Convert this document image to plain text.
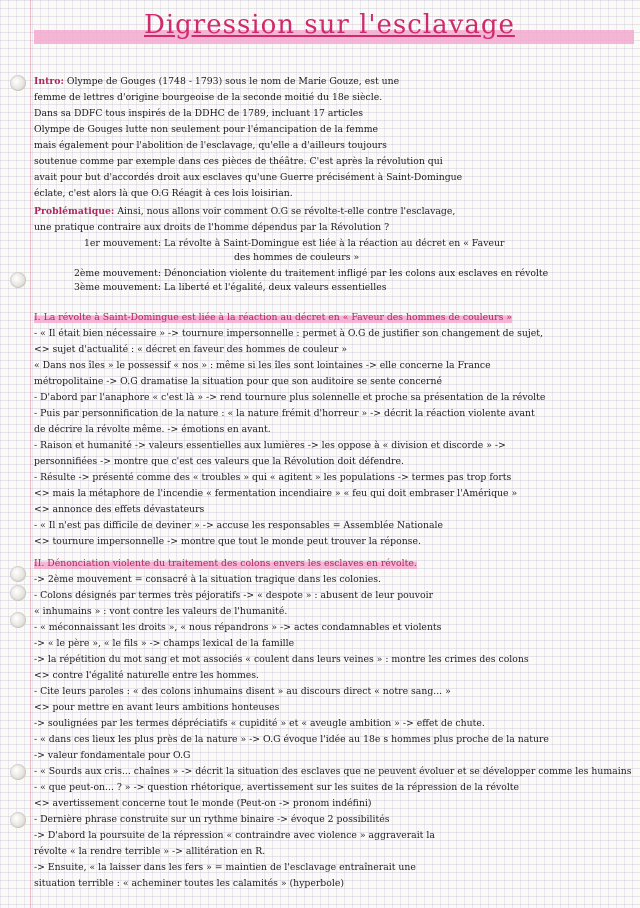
Digression sur l'esclavage
Intro: Olympe de Gouges (1748 - 1793) sous le nom de Marie Gouze, est une
femme de lettres d'origine bourgeoise de la seconde moitié du 18e siècle.
Dans sa DDFC tous inspirés de la DDHC de 1789, incluant 17 articles
Olympe de Gouges lutte non seulement pour l'émancipation de la femme
mais également pour l'abolition de l'esclavage, qu'elle a d'ailleurs toujours
soutenue comme par exemple dans ces pièces de théâtre. C'est après la révolution qui
avait pour but d'accordés droit aux esclaves qu'une Guerre précisément à Saint-Domingue
éclate, c'est alors là que O.G Réagit à ces lois loisirian.
Problématique: Ainsi, nous allons voir comment O.G se révolte-t-elle contre l'esclavage,
une pratique contraire aux droits de l'homme dépendus par la Révolution ?
1er mouvement: La révolte à Saint-Domingue est liée à la réaction au décret en « Faveur
des hommes de couleurs »
2ème mouvement: Dénonciation violente du traitement infligé par les colons aux esclaves en révolte
3ème mouvement: La liberté et l'égalité, deux valeurs essentielles
I. La révolte à Saint-Domingue est liée à la réaction au décret en « Faveur des hommes de couleurs »
- « Il était bien nécessaire » -> tournure impersonnelle : permet à O.G de justifier son changement de sujet,
<> sujet d'actualité : « décret en faveur des hommes de couleur »
« Dans nos îles » le possessif « nos » : même si les îles sont lointaines -> elle concerne la France
métropolitaine -> O.G dramatise la situation pour que son auditoire se sente concerné
- D'abord par l'anaphore « c'est là » -> rend tournure plus solennelle et proche sa présentation de la révolte
- Puis par personnification de la nature : « la nature frémit d'horreur » -> décrit la réaction violente avant
de décrire la révolte même. -> émotions en avant.
- Raison et humanité -> valeurs essentielles aux lumières -> les oppose à « division et discorde » ->
personnifiées -> montre que c'est ces valeurs que la Révolution doit défendre.
- Résulte -> présenté comme des « troubles » qui « agitent » les populations -> termes pas trop forts
<> mais la métaphore de l'incendie « fermentation incendiaire » « feu qui doit embraser l'Amérique »
<> annonce des effets dévastateurs
- « Il n'est pas difficile de deviner » -> accuse les responsables = Assemblée Nationale
<> tournure impersonnelle -> montre que tout le monde peut trouver la réponse.
II. Dénonciation violente du traitement des colons envers les esclaves en révolte.
-> 2ème mouvement = consacré à la situation tragique dans les colonies.
- Colons désignés par termes très péjoratifs -> « despote » : abusent de leur pouvoir
« inhumains » : vont contre les valeurs de l'humanité.
- « méconnaissant les droits », « nous répandrons » -> actes condamnables et violents
-> « le père », « le fils » -> champs lexical de la famille
-> la répétition du mot sang et mot associés « coulent dans leurs veines » : montre les crimes des colons
<> contre l'égalité naturelle entre les hommes.
- Cite leurs paroles : « des colons inhumains disent » au discours direct « notre sang... »
<> pour mettre en avant leurs ambitions honteuses
-> soulignées par les termes dépréciatifs « cupidité » et « aveugle ambition » -> effet de chute.
- « dans ces lieux les plus près de la nature » -> O.G évoque l'idée au 18e s hommes plus proche de la nature
-> valeur fondamentale pour O.G
- « Sourds aux cris... chaînes » -> décrit la situation des esclaves que ne peuvent évoluer et se développer comme les humains
- « que peut-on... ? » -> question rhétorique, avertissement sur les suites de la répression de la révolte
<> avertissement concerne tout le monde (Peut-on -> pronom indéfini)
- Dernière phrase construite sur un rythme binaire -> évoque 2 possibilités
-> D'abord la poursuite de la répression « contraindre avec violence » aggraverait la
révolte « la rendre terrible » -> allitération en R.
-> Ensuite, « la laisser dans les fers » = maintien de l'esclavage entraînerait une
situation terrible : « acheminer toutes les calamités » (hyperbole)
